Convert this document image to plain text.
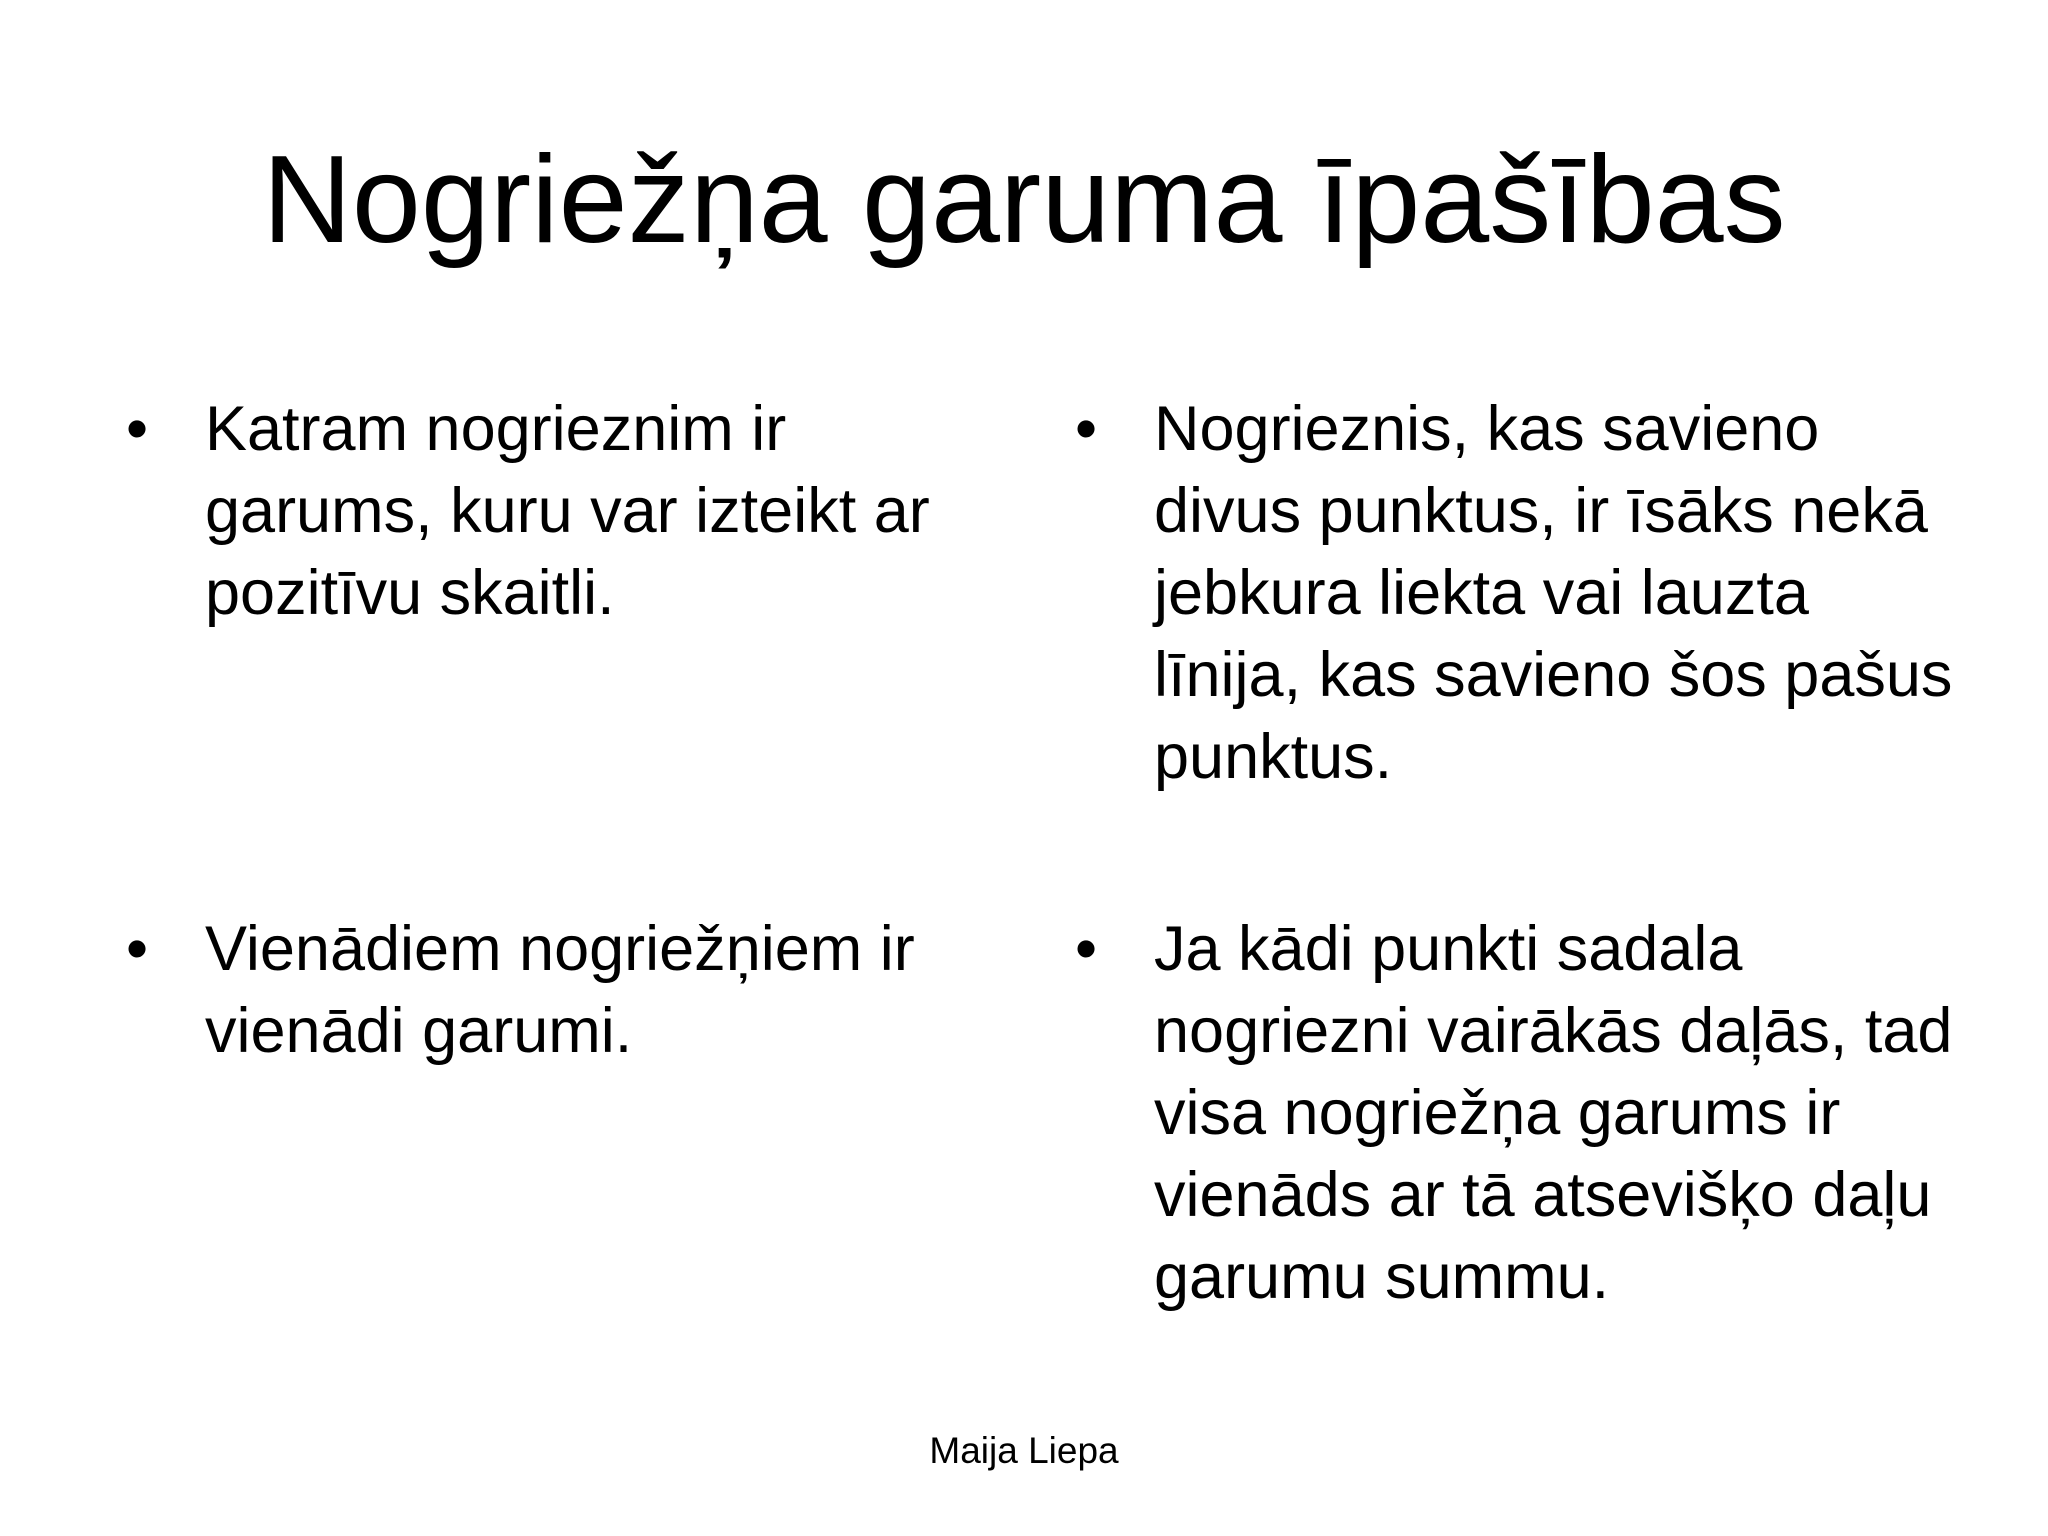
Nogriežņa garuma īpašības
• Katram nogrieznim ir garums, kuru var izteikt ar pozitīvu skaitli.
• Vienādiem nogriežņiem ir vienādi garumi.
• Nogrieznis, kas savieno divus punktus, ir īsāks nekā jebkura liekta vai lauzta līnija, kas savieno šos pašus punktus.
• Ja kādi punkti sadala nogriezni vairākās daļās, tad visa nogriežņa garums ir vienāds ar tā atsevišķo daļu garumu summu.
Maija Liepa
